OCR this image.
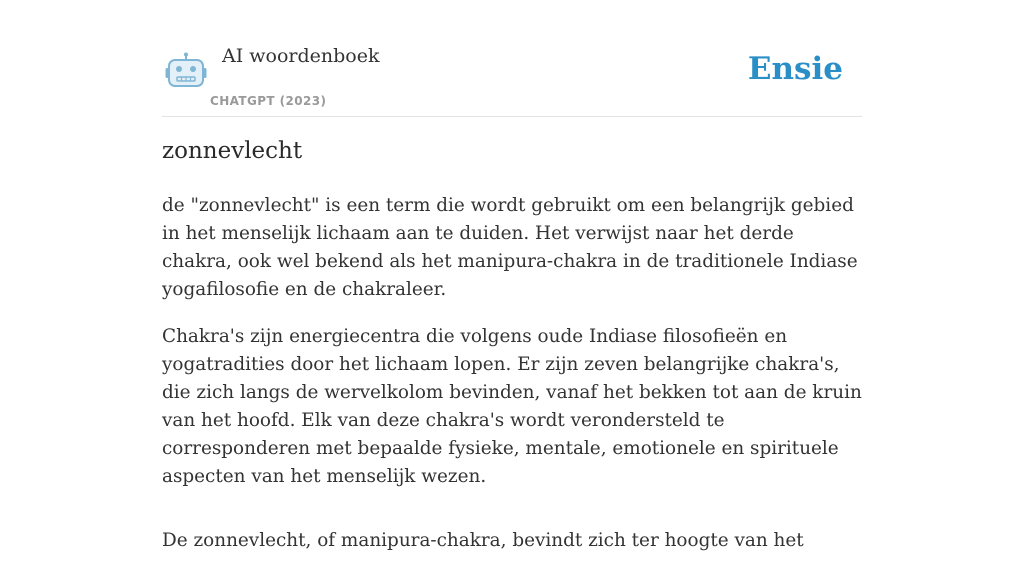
AI woordenboek
CHATGPT (2023)
Ensie
zonnevlecht

de "zonnevlecht" is een term die wordt gebruikt om een belangrijk gebied in het menselijk lichaam aan te duiden. Het verwijst naar het derde chakra, ook wel bekend als het manipura-chakra in de traditionele Indiase yogafilosofie en de chakraleer.

Chakra's zijn energiecentra die volgens oude Indiase filosofieën en yogatradities door het lichaam lopen. Er zijn zeven belangrijke chakra's, die zich langs de wervelkolom bevinden, vanaf het bekken tot aan de kruin van het hoofd. Elk van deze chakra's wordt verondersteld te corresponderen met bepaalde fysieke, mentale, emotionele en spirituele aspecten van het menselijk wezen.

De zonnevlecht, of manipura-chakra, bevindt zich ter hoogte van het
